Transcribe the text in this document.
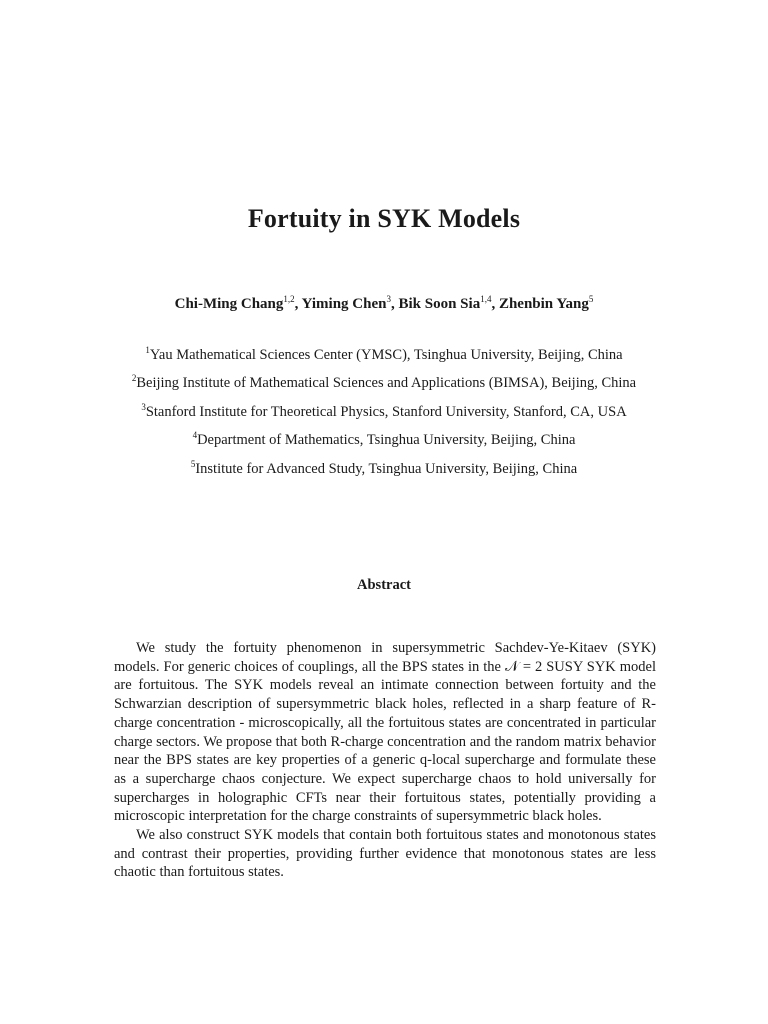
Fortuity in SYK Models
Chi-Ming Chang$^{1,2}$, Yiming Chen$^3$, Bik Soon Sia$^{1,4}$, Zhenbin Yang$^5$
$^1$Yau Mathematical Sciences Center (YMSC), Tsinghua University, Beijing, China
$^2$Beijing Institute of Mathematical Sciences and Applications (BIMSA), Beijing, China
$^3$Stanford Institute for Theoretical Physics, Stanford University, Stanford, CA, USA
$^4$Department of Mathematics, Tsinghua University, Beijing, China
$^5$Institute for Advanced Study, Tsinghua University, Beijing, China
Abstract

We study the fortuity phenomenon in supersymmetric Sachdev-Ye-Kitaev (SYK) models. For generic choices of couplings, all the BPS states in the 𝒩 = 2 SUSY SYK model are fortuitous. The SYK models reveal an intimate connection between fortuity and the Schwarzian description of supersymmetric black holes, reflected in a sharp feature of R-charge concentration - microscopically, all the fortuitous states are concentrated in particular charge sectors. We propose that both R-charge concentration and the random matrix behavior near the BPS states are key properties of a generic q-local supercharge and formulate these as a supercharge chaos conjecture. We expect supercharge chaos to hold universally for supercharges in holographic CFTs near their fortuitous states, potentially providing a microscopic interpretation for the charge constraints of supersymmetric black holes.

We also construct SYK models that contain both fortuitous states and monotonous states and contrast their properties, providing further evidence that monotonous states are less chaotic than fortuitous states.
